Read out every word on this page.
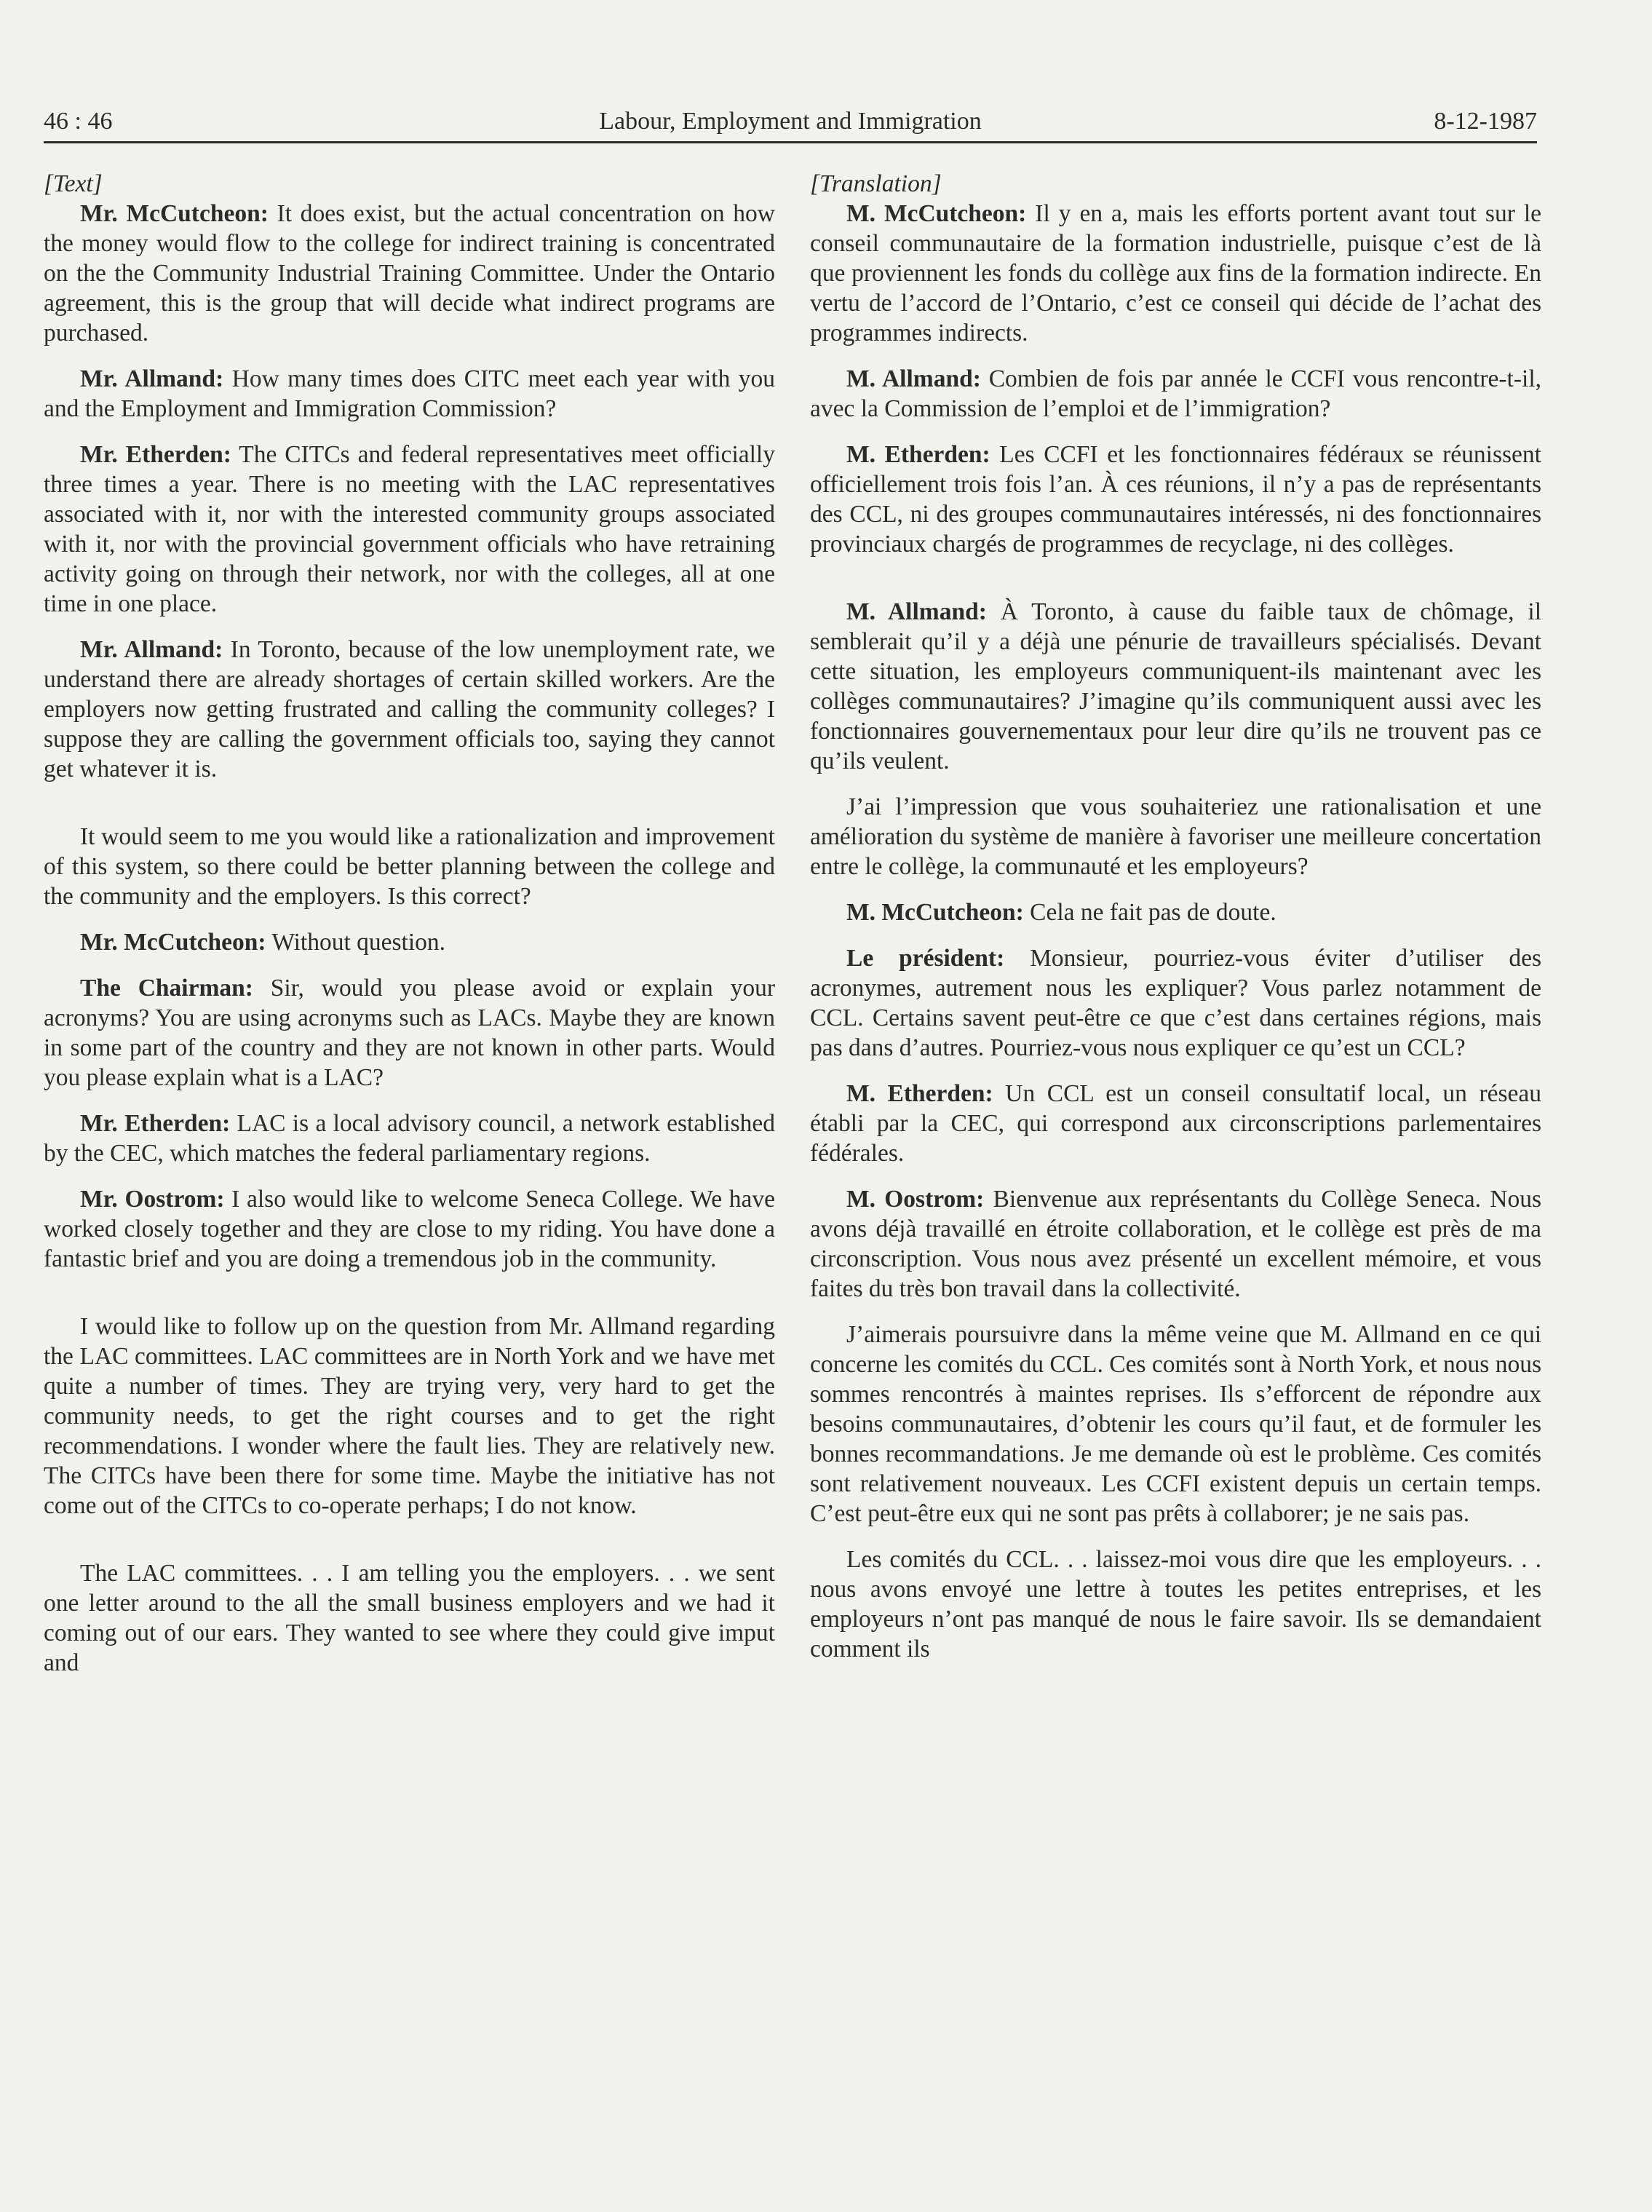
46 : 46	Labour, Employment and Immigration	8-12-1987
[Text]

Mr. McCutcheon: It does exist, but the actual concentration on how the money would flow to the college for indirect training is concentrated on the the Community Industrial Training Committee. Under the Ontario agreement, this is the group that will decide what indirect programs are purchased.

Mr. Allmand: How many times does CITC meet each year with you and the Employment and Immigration Commission?

Mr. Etherden: The CITCs and federal representatives meet officially three times a year. There is no meeting with the LAC representatives associated with it, nor with the interested community groups associated with it, nor with the provincial government officials who have retraining activity going on through their network, nor with the colleges, all at one time in one place.

Mr. Allmand: In Toronto, because of the low unemployment rate, we understand there are already shortages of certain skilled workers. Are the employers now getting frustrated and calling the community colleges? I suppose they are calling the government officials too, saying they cannot get whatever it is.

It would seem to me you would like a rationalization and improvement of this system, so there could be better planning between the college and the community and the employers. Is this correct?

Mr. McCutcheon: Without question.

The Chairman: Sir, would you please avoid or explain your acronyms? You are using acronyms such as LACs. Maybe they are known in some part of the country and they are not known in other parts. Would you please explain what is a LAC?

Mr. Etherden: LAC is a local advisory council, a network established by the CEC, which matches the federal parliamentary regions.

Mr. Oostrom: I also would like to welcome Seneca College. We have worked closely together and they are close to my riding. You have done a fantastic brief and you are doing a tremendous job in the community.

I would like to follow up on the question from Mr. Allmand regarding the LAC committees. LAC committees are in North York and we have met quite a number of times. They are trying very, very hard to get the community needs, to get the right courses and to get the right recommendations. I wonder where the fault lies. They are relatively new. The CITCs have been there for some time. Maybe the initiative has not come out of the CITCs to co-operate perhaps; I do not know.

The LAC committees. . . I am telling you the employers. . . we sent one letter around to the all the small business employers and we had it coming out of our ears. They wanted to see where they could give imput and

[Translation]

M. McCutcheon: Il y en a, mais les efforts portent avant tout sur le conseil communautaire de la formation industrielle, puisque c’est de là que proviennent les fonds du collège aux fins de la formation indirecte. En vertu de l’accord de l’Ontario, c’est ce conseil qui décide de l’achat des programmes indirects.

M. Allmand: Combien de fois par année le CCFI vous rencontre-t-il, avec la Commission de l’emploi et de l’immigration?

M. Etherden: Les CCFI et les fonctionnaires fédéraux se réunissent officiellement trois fois l’an. À ces réunions, il n’y a pas de représentants des CCL, ni des groupes communautaires intéressés, ni des fonctionnaires provinciaux chargés de programmes de recyclage, ni des collèges.

M. Allmand: À Toronto, à cause du faible taux de chômage, il semblerait qu’il y a déjà une pénurie de travailleurs spécialisés. Devant cette situation, les employeurs communiquent-ils maintenant avec les collèges communautaires? J’imagine qu’ils communiquent aussi avec les fonctionnaires gouvernementaux pour leur dire qu’ils ne trouvent pas ce qu’ils veulent.

J’ai l’impression que vous souhaiteriez une rationalisation et une amélioration du système de manière à favoriser une meilleure concertation entre le collège, la communauté et les employeurs?

M. McCutcheon: Cela ne fait pas de doute.

Le président: Monsieur, pourriez-vous éviter d’utiliser des acronymes, autrement nous les expliquer? Vous parlez notamment de CCL. Certains savent peut-être ce que c’est dans certaines régions, mais pas dans d’autres. Pourriez-vous nous expliquer ce qu’est un CCL?

M. Etherden: Un CCL est un conseil consultatif local, un réseau établi par la CEC, qui correspond aux circonscriptions parlementaires fédérales.

M. Oostrom: Bienvenue aux représentants du Collège Seneca. Nous avons déjà travaillé en étroite collaboration, et le collège est près de ma circonscription. Vous nous avez présenté un excellent mémoire, et vous faites du très bon travail dans la collectivité.

J’aimerais poursuivre dans la même veine que M. Allmand en ce qui concerne les comités du CCL. Ces comités sont à North York, et nous nous sommes rencontrés à maintes reprises. Ils s’efforcent de répondre aux besoins communautaires, d’obtenir les cours qu’il faut, et de formuler les bonnes recommandations. Je me demande où est le problème. Ces comités sont relativement nouveaux. Les CCFI existent depuis un certain temps. C’est peut-être eux qui ne sont pas prêts à collaborer; je ne sais pas.

Les comités du CCL. . . laissez-moi vous dire que les employeurs. . . nous avons envoyé une lettre à toutes les petites entreprises, et les employeurs n’ont pas manqué de nous le faire savoir. Ils se demandaient comment ils
